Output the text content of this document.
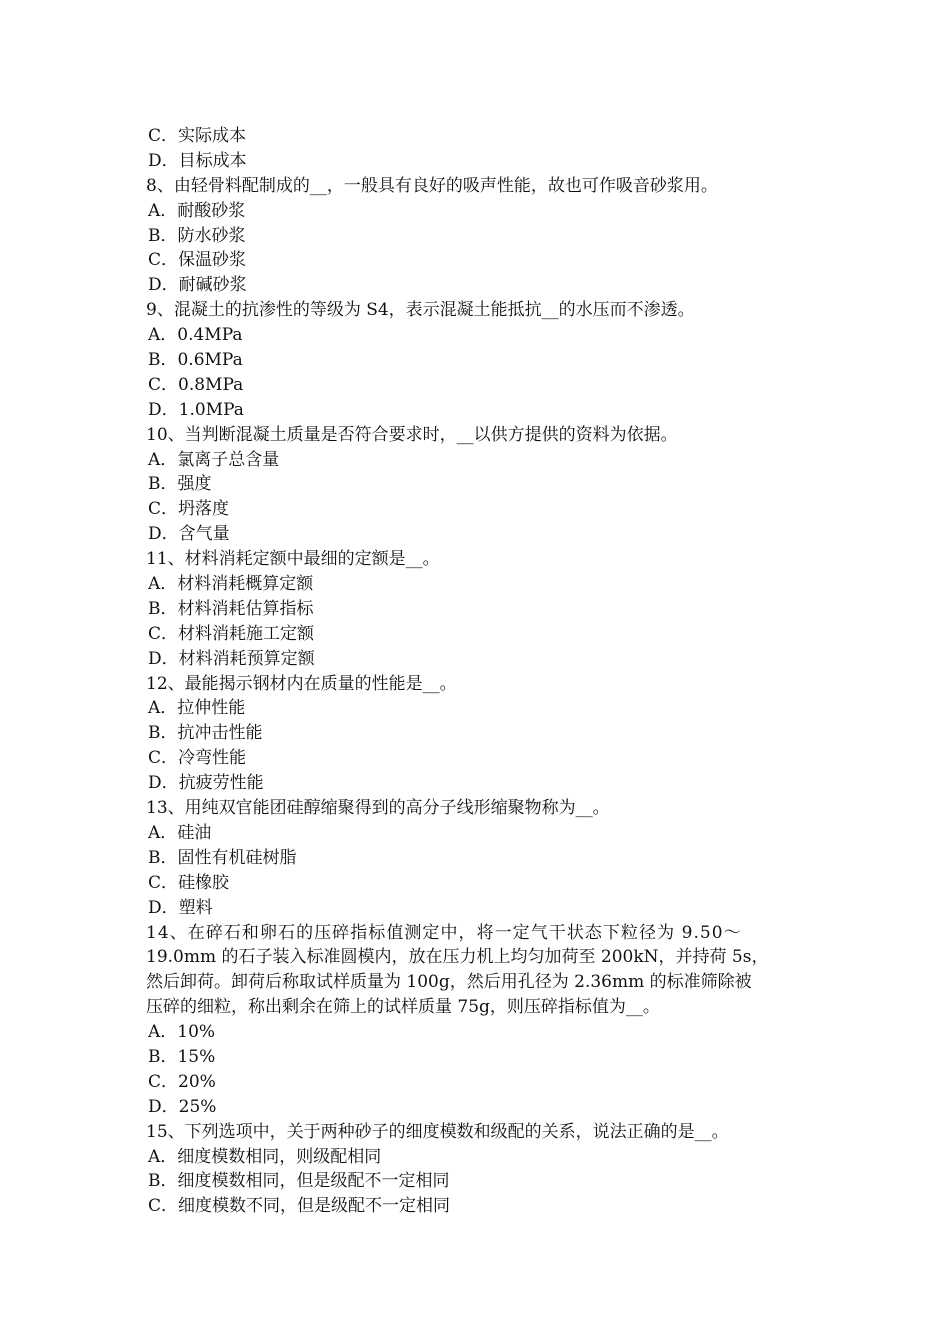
C．实际成本
D．目标成本
8、由轻骨料配制成的__，一般具有良好的吸声性能，故也可作吸音砂浆用。
A．耐酸砂浆
B．防水砂浆
C．保温砂浆
D．耐碱砂浆
9、混凝土的抗渗性的等级为 S4，表示混凝土能抵抗__的水压而不渗透。
A．0.4MPa
B．0.6MPa
C．0.8MPa
D．1.0MPa
10、当判断混凝土质量是否符合要求时，__以供方提供的资料为依据。
A．氯离子总含量
B．强度
C．坍落度
D．含气量
11、材料消耗定额中最细的定额是__。
A．材料消耗概算定额
B．材料消耗估算指标
C．材料消耗施工定额
D．材料消耗预算定额
12、最能揭示钢材内在质量的性能是__。
A．拉伸性能
B．抗冲击性能
C．冷弯性能
D．抗疲劳性能
13、用纯双官能团硅醇缩聚得到的高分子线形缩聚物称为__。
A．硅油
B．固性有机硅树脂
C．硅橡胶
D．塑料
14、在碎石和卵石的压碎指标值测定中，将一定气干状态下粒径为 9.50～
19.0mm 的石子装入标准圆模内，放在压力机上均匀加荷至 200kN，并持荷 5s，
然后卸荷。卸荷后称取试样质量为 100g，然后用孔径为 2.36mm 的标准筛除被
压碎的细粒，称出剩余在筛上的试样质量 75g，则压碎指标值为__。
A．10%
B．15%
C．20%
D．25%
15、下列选项中，关于两种砂子的细度模数和级配的关系，说法正确的是__。
A．细度模数相同，则级配相同
B．细度模数相同，但是级配不一定相同
C．细度模数不同，但是级配不一定相同
